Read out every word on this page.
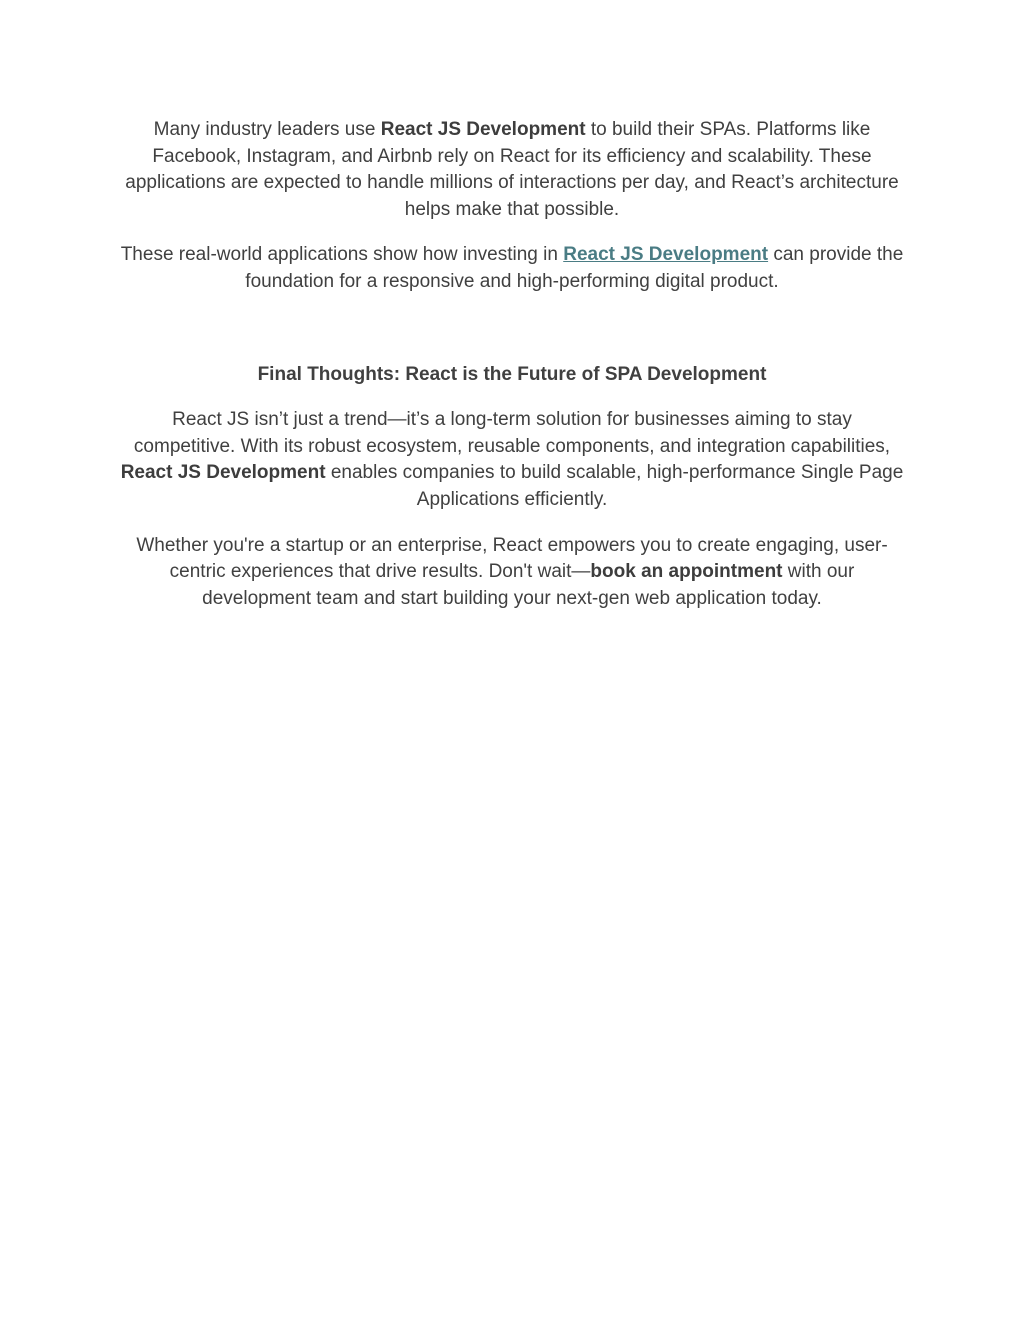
Many industry leaders use React JS Development to build their SPAs. Platforms like Facebook, Instagram, and Airbnb rely on React for its efficiency and scalability. These applications are expected to handle millions of interactions per day, and React’s architecture helps make that possible.

These real-world applications show how investing in React JS Development can provide the foundation for a responsive and high-performing digital product.

Final Thoughts: React is the Future of SPA Development

React JS isn’t just a trend—it’s a long-term solution for businesses aiming to stay competitive. With its robust ecosystem, reusable components, and integration capabilities, React JS Development enables companies to build scalable, high-performance Single Page Applications efficiently.

Whether you're a startup or an enterprise, React empowers you to create engaging, user-centric experiences that drive results. Don't wait—book an appointment with our development team and start building your next-gen web application today.
